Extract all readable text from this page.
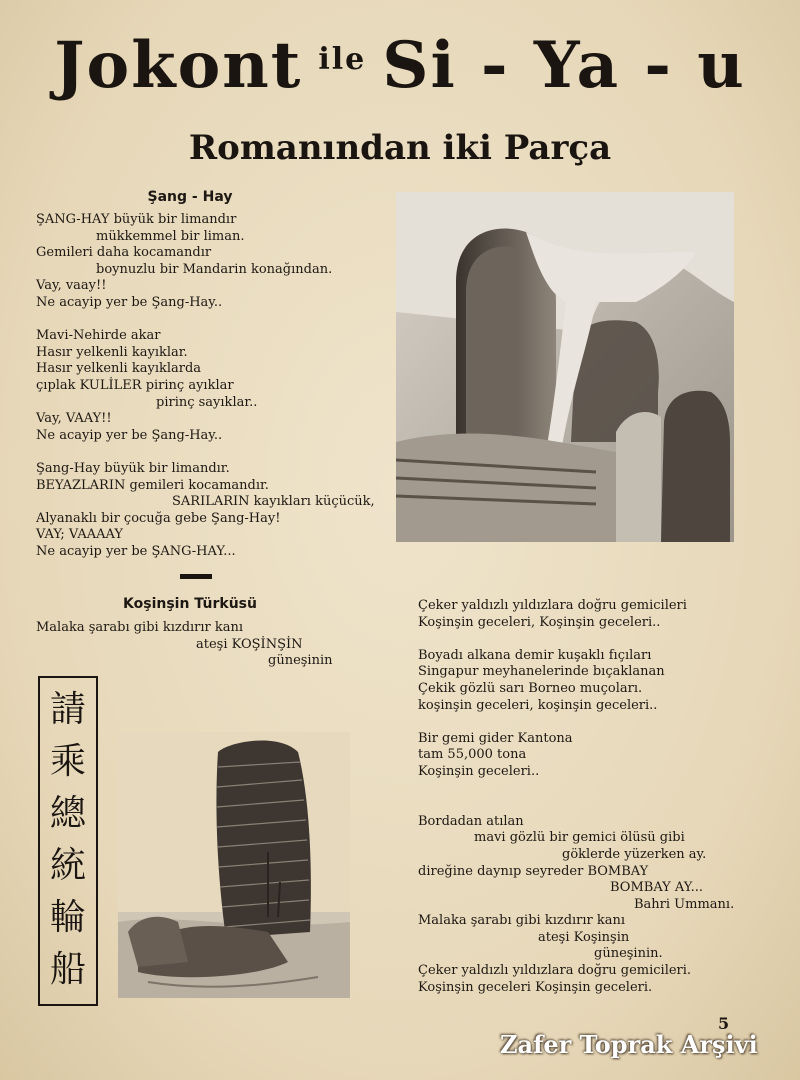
Jokont $^{ile}$ Si - Ya - u
Romanından iki Parça
Şang - Hay
ŞANG-HAY büyük bir limandır
mükkemmel bir liman.
Gemileri daha kocamandır
boynuzlu bir Mandarin konağından.
Vay, vaay!!
Ne acayip yer be Şang-Hay..
Mavi-Nehirde akar
Hasır yelkenli kayıklar.
Hasır yelkenli kayıklarda
çıplak KULİLER pirinç ayıklar
pirinç sayıklar..
Vay, VAAY!!
Ne acayip yer be Şang-Hay..
Şang-Hay büyük bir limandır.
BEYAZLARIN gemileri kocamandır.
SARILARIN kayıkları küçücük,
Alyanaklı bir çocuğa gebe Şang-Hay!
VAY; VAAAAY
Ne acayip yer be ŞANG-HAY...
Koşinşin Türküsü
Malaka şarabı gibi kızdırır kanı
ateşi KOŞİNŞİN
güneşinin
Çeker yaldızlı yıldızlara doğru gemicileri
Koşinşin geceleri, Koşinşin geceleri..
Boyadı alkana demir kuşaklı fıçıları
Singapur meyhanelerinde bıçaklanan
Çekik gözlü sarı Borneo muçoları.
koşinşin geceleri, koşinşin geceleri..
Bir gemi gider Kantona
tam 55,000 tona
Koşinşin geceleri..
Bordadan atılan
mavi gözlü bir gemici ölüsü gibi
göklerde yüzerken ay.
direğine daynıp seyreder BOMBAY
BOMBAY AY...
Bahri Ummanı.
Malaka şarabı gibi kızdırır kanı
ateşi Koşinşin
güneşinin.
Çeker yaldızlı yıldızlara doğru gemicileri.
Koşinşin geceleri Koşinşin geceleri.
請
乘
總
統
輪
船
5
Zafer Toprak Arşivi
